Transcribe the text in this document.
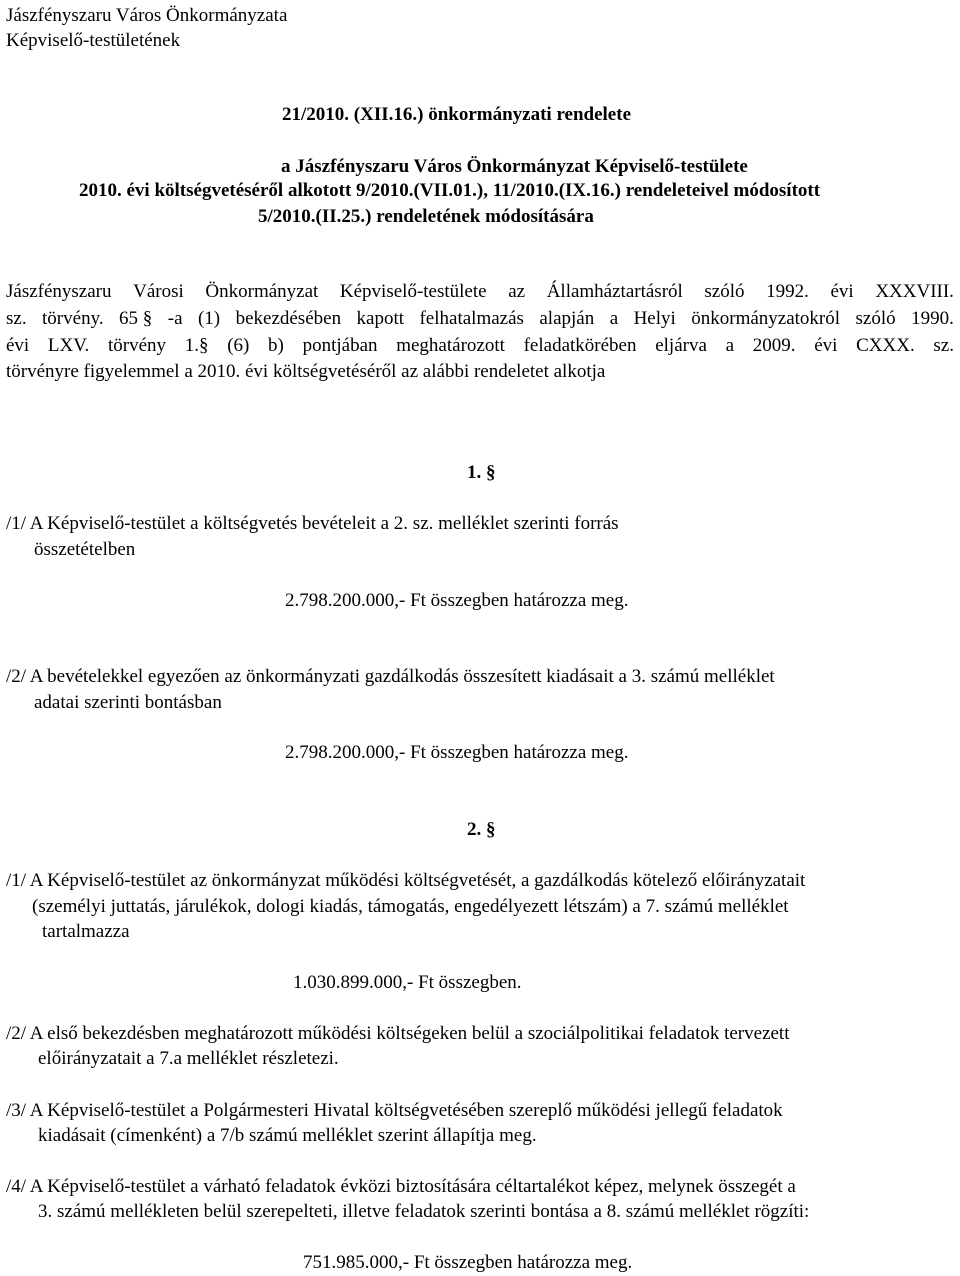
Jászfényszaru Város Önkormányzata
Képviselő-testületének
21/2010. (XII.16.) önkormányzati rendelete
a Jászfényszaru Város Önkormányzat Képviselő-testülete
2010. évi költségvetéséről alkotott 9/2010.(VII.01.), 11/2010.(IX.16.) rendeleteivel módosított
5/2010.(II.25.) rendeletének módosítására
Jászfényszaru Városi Önkormányzat Képviselő-testülete az Államháztartásról szóló 1992. évi XXXVIII.
sz. törvény. 65 § -a (1) bekezdésében kapott felhatalmazás alapján a Helyi önkormányzatokról szóló 1990.
évi LXV. törvény 1.§ (6) b) pontjában meghatározott feladatkörében eljárva a 2009. évi CXXX. sz.
törvényre figyelemmel a 2010. évi költségvetéséről az alábbi rendeletet alkotja
1. §
/1/ A Képviselő-testület a költségvetés bevételeit a 2. sz. melléklet szerinti forrás
összetételben
2.798.200.000,- Ft összegben határozza meg.
/2/ A bevételekkel egyezően az önkormányzati gazdálkodás összesített kiadásait a 3. számú melléklet
adatai szerinti bontásban
2.798.200.000,- Ft összegben határozza meg.
2. §
/1/ A Képviselő-testület az önkormányzat működési költségvetését, a gazdálkodás kötelező előirányzatait
(személyi juttatás, járulékok, dologi kiadás, támogatás, engedélyezett létszám) a 7. számú melléklet
tartalmazza
1.030.899.000,- Ft összegben.
/2/ A első bekezdésben meghatározott működési költségeken belül a szociálpolitikai feladatok tervezett
előirányzatait a 7.a melléklet részletezi.
/3/ A Képviselő-testület a Polgármesteri Hivatal költségvetésében szereplő működési jellegű feladatok
kiadásait (címenként) a 7/b számú melléklet szerint állapítja meg.
/4/ A Képviselő-testület a várható feladatok évközi biztosítására céltartalékot képez, melynek összegét a
3. számú mellékleten belül szerepelteti, illetve feladatok szerinti bontása a 8. számú melléklet rögzíti:
751.985.000,- Ft összegben határozza meg.
